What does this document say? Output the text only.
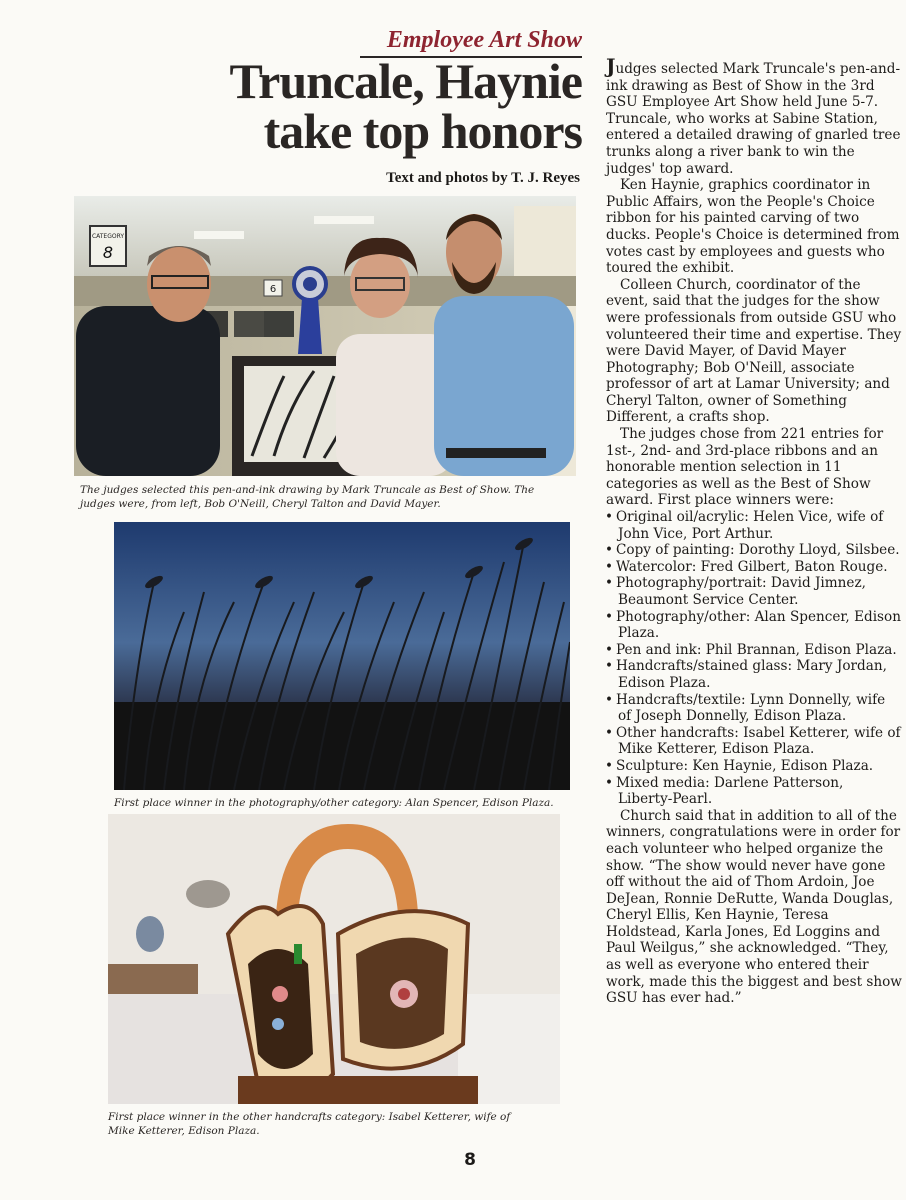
Employee Art Show
Truncale, Haynie
take top honors
Text and photos by T. J. Reyes
CATEGORY
8
6
The judges selected this pen-and-ink drawing by Mark Truncale as Best of Show. The judges were, from left, Bob O'Neill, Cheryl Talton and David Mayer.
First place winner in the photography/other category: Alan Spencer, Edison Plaza.
First place winner in the other handcrafts category: Isabel Ketterer, wife of Mike Ketterer, Edison Plaza.

Judges selected Mark Truncale's pen-and-ink drawing as Best of Show in the 3rd GSU Employee Art Show held June 5-7. Truncale, who works at Sabine Station, entered a detailed drawing of gnarled tree trunks along a river bank to win the judges' top award.

Ken Haynie, graphics coordinator in Public Affairs, won the People's Choice ribbon for his painted carving of two ducks. People's Choice is determined from votes cast by employees and guests who toured the exhibit.

Colleen Church, coordinator of the event, said that the judges for the show were professionals from outside GSU who volunteered their time and expertise. They were David Mayer, of David Mayer Photography; Bob O'Neill, associate professor of art at Lamar University; and Cheryl Talton, owner of Something Different, a crafts shop.

The judges chose from 221 entries for 1st-, 2nd- and 3rd-place ribbons and an honorable mention selection in 11 categories as well as the Best of Show award. First place winners were:

• Original oil/acrylic: Helen Vice, wife of John Vice, Port Arthur.
• Copy of painting: Dorothy Lloyd, Silsbee.
• Watercolor: Fred Gilbert, Baton Rouge.
• Photography/portrait: David Jimnez, Beaumont Service Center.
• Photography/other: Alan Spencer, Edison Plaza.
• Pen and ink: Phil Brannan, Edison Plaza.
• Handcrafts/stained glass: Mary Jordan, Edison Plaza.
• Handcrafts/textile: Lynn Donnelly, wife of Joseph Donnelly, Edison Plaza.
• Other handcrafts: Isabel Ketterer, wife of Mike Ketterer, Edison Plaza.
• Sculpture: Ken Haynie, Edison Plaza.
• Mixed media: Darlene Patterson, Liberty-Pearl.

Church said that in addition to all of the winners, congratulations were in order for each volunteer who helped organize the show. “The show would never have gone off without the aid of Thom Ardoin, Joe DeJean, Ronnie DeRutte, Wanda Douglas, Cheryl Ellis, Ken Haynie, Teresa Holdstead, Karla Jones, Ed Loggins and Paul Weilgus,” she acknowledged. “They, as well as everyone who entered their work, made this the biggest and best show GSU has ever had.”

8
